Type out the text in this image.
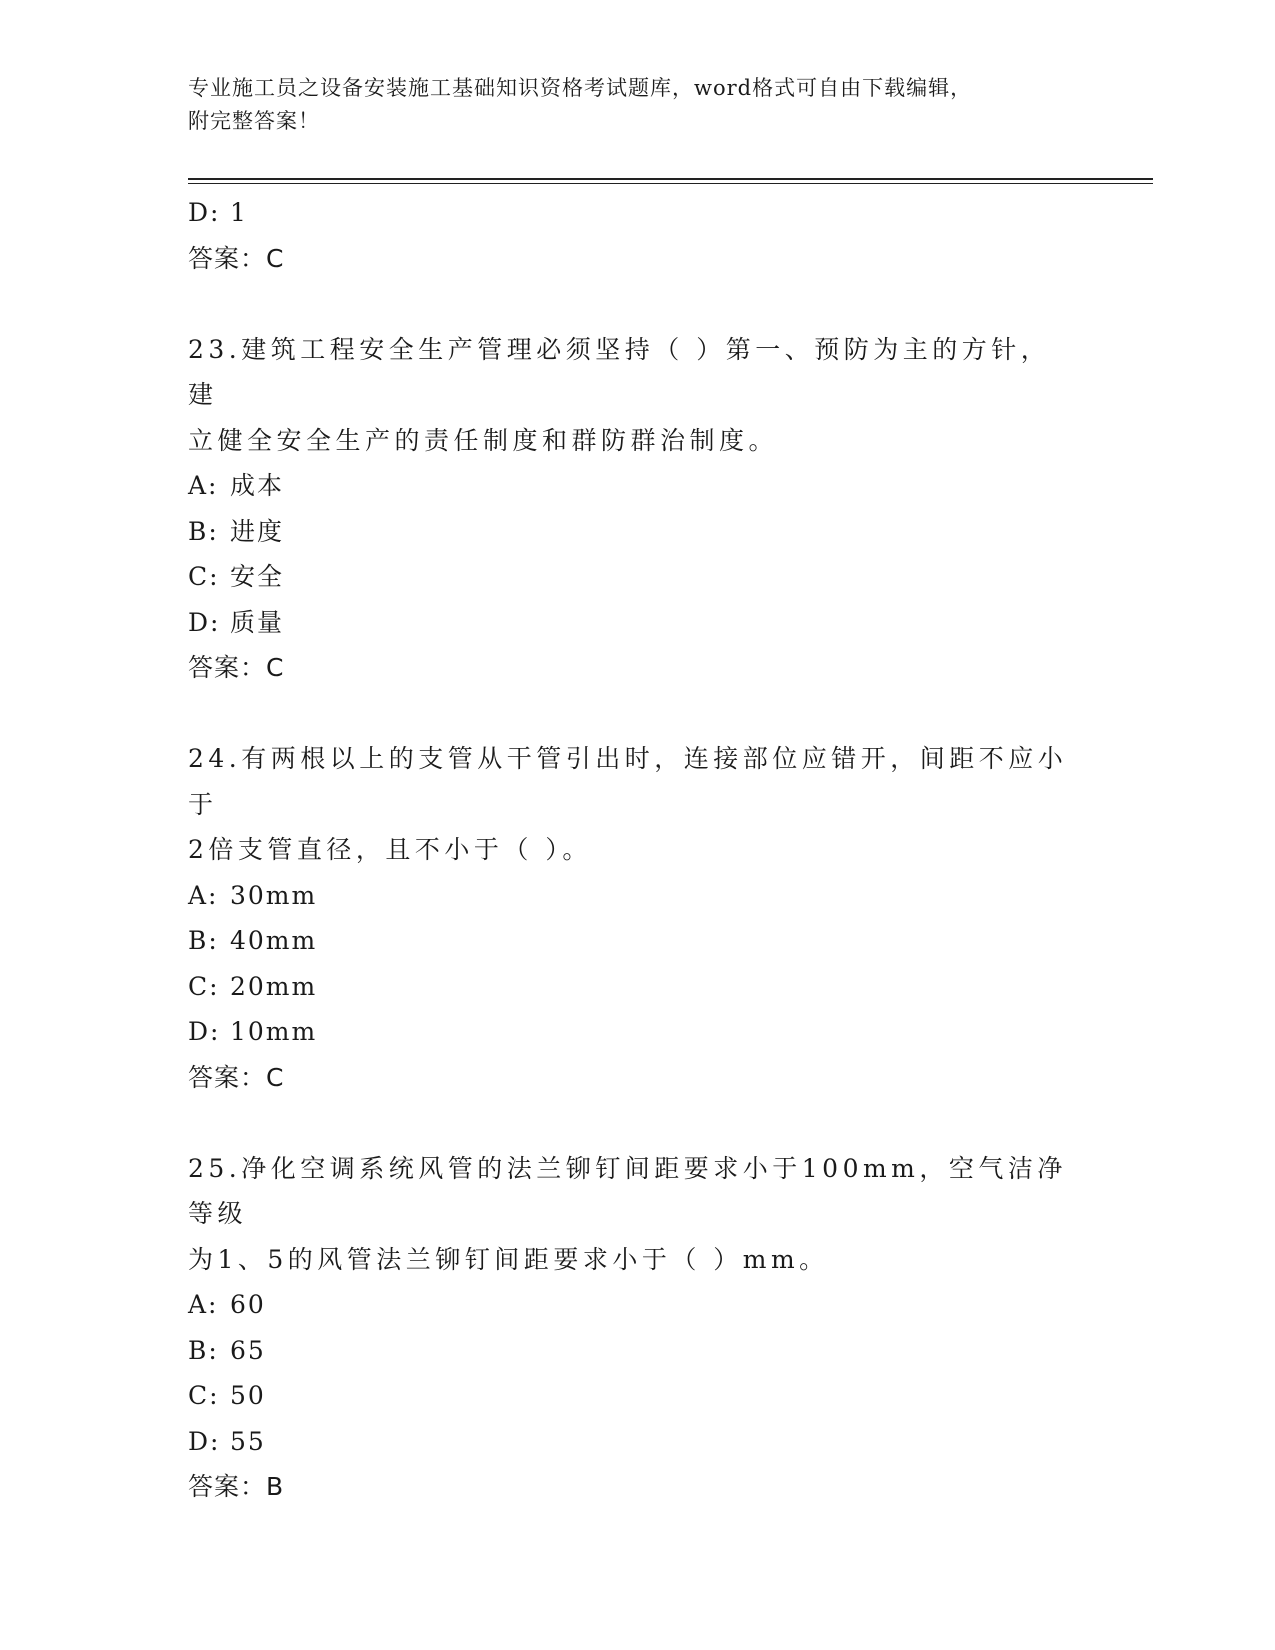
专业施工员之设备安装施工基础知识资格考试题库，word格式可自由下载编辑，
附完整答案！
D: 1
答案：C
23.建筑工程安全生产管理必须坚持（ ）第一、预防为主的方针，建
立健全安全生产的责任制度和群防群治制度。
A: 成本
B: 进度
C: 安全
D: 质量
答案：C
24.有两根以上的支管从干管引出时，连接部位应错开，间距不应小于
2倍支管直径，且不小于（ ）。
A: 30mm
B: 40mm
C: 20mm
D: 10mm
答案：C
25.净化空调系统风管的法兰铆钉间距要求小于100mm，空气洁净等级
为1、5的风管法兰铆钉间距要求小于（ ）mm。
A: 60
B: 65
C: 50
D: 55
答案：B
